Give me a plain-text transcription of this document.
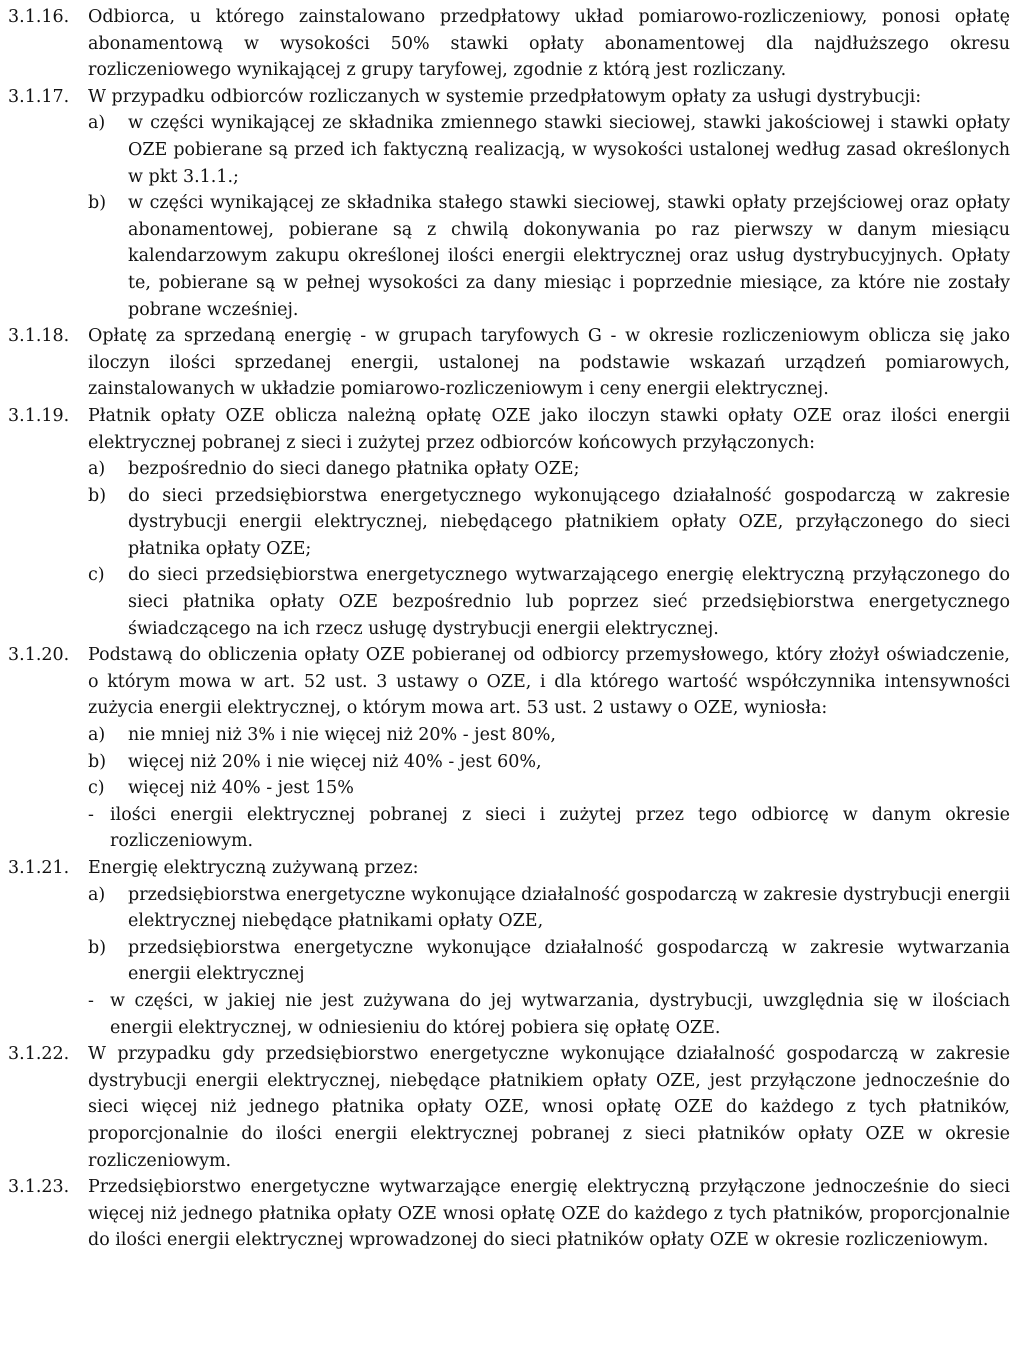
3.1.16.	Odbiorca, u którego zainstalowano przedpłatowy układ pomiarowo-rozliczeniowy, ponosi opłatę abonamentową w wysokości 50% stawki opłaty abonamentowej dla najdłuższego okresu rozliczeniowego wynikającej z grupy taryfowej, zgodnie z którą jest rozliczany.
3.1.17.	W przypadku odbiorców rozliczanych w systemie przedpłatowym opłaty za usługi dystrybucji:
a)	w części wynikającej ze składnika zmiennego stawki sieciowej, stawki jakościowej i stawki opłaty OZE pobierane są przed ich faktyczną realizacją, w wysokości ustalonej według zasad określonych w pkt 3.1.1.;
b)	w części wynikającej ze składnika stałego stawki sieciowej, stawki opłaty przejściowej oraz opłaty abonamentowej, pobierane są z chwilą dokonywania po raz pierwszy w danym miesiącu kalendarzowym zakupu określonej ilości energii elektrycznej oraz usług dystrybucyjnych. Opłaty te, pobierane są w pełnej wysokości za dany miesiąc i poprzednie miesiące, za które nie zostały pobrane wcześniej.
3.1.18.	Opłatę za sprzedaną energię - w grupach taryfowych G - w okresie rozliczeniowym oblicza się jako iloczyn ilości sprzedanej energii, ustalonej na podstawie wskazań urządzeń pomiarowych, zainstalowanych w układzie pomiarowo-rozliczeniowym i ceny energii elektrycznej.
3.1.19.	Płatnik opłaty OZE oblicza należną opłatę OZE jako iloczyn stawki opłaty OZE oraz ilości energii elektrycznej pobranej z sieci i zużytej przez odbiorców końcowych przyłączonych:
a)	bezpośrednio do sieci danego płatnika opłaty OZE;
b)	do sieci przedsiębiorstwa energetycznego wykonującego działalność gospodarczą w zakresie dystrybucji energii elektrycznej, niebędącego płatnikiem opłaty OZE, przyłączonego do sieci płatnika opłaty OZE;
c)	do sieci przedsiębiorstwa energetycznego wytwarzającego energię elektryczną przyłączonego do sieci płatnika opłaty OZE bezpośrednio lub poprzez sieć przedsiębiorstwa energetycznego świadczącego na ich rzecz usługę dystrybucji energii elektrycznej.
3.1.20.	Podstawą do obliczenia opłaty OZE pobieranej od odbiorcy przemysłowego, który złożył oświadczenie, o którym mowa w art. 52 ust. 3 ustawy o OZE, i dla którego wartość współczynnika intensywności zużycia energii elektrycznej, o którym mowa art. 53 ust. 2 ustawy o OZE, wyniosła:
a)	nie mniej niż 3% i nie więcej niż 20% - jest 80%,
b)	więcej niż 20% i nie więcej niż 40% - jest 60%,
c)	więcej niż 40% - jest 15%
- ilości energii elektrycznej pobranej z sieci i zużytej przez tego odbiorcę w danym okresie rozliczeniowym.
3.1.21.	Energię elektryczną zużywaną przez:
a)	przedsiębiorstwa energetyczne wykonujące działalność gospodarczą w zakresie dystrybucji energii elektrycznej niebędące płatnikami opłaty OZE,
b)	przedsiębiorstwa energetyczne wykonujące działalność gospodarczą w zakresie wytwarzania energii elektrycznej
- w części, w jakiej nie jest zużywana do jej wytwarzania, dystrybucji, uwzględnia się w ilościach energii elektrycznej, w odniesieniu do której pobiera się opłatę OZE.
3.1.22.	W przypadku gdy przedsiębiorstwo energetyczne wykonujące działalność gospodarczą w zakresie dystrybucji energii elektrycznej, niebędące płatnikiem opłaty OZE, jest przyłączone jednocześnie do sieci więcej niż jednego płatnika opłaty OZE, wnosi opłatę OZE do każdego z tych płatników, proporcjonalnie do ilości energii elektrycznej pobranej z sieci płatników opłaty OZE w okresie rozliczeniowym.
3.1.23.	Przedsiębiorstwo energetyczne wytwarzające energię elektryczną przyłączone jednocześnie do sieci więcej niż jednego płatnika opłaty OZE wnosi opłatę OZE do każdego z tych płatników, proporcjonalnie do ilości energii elektrycznej wprowadzonej do sieci płatników opłaty OZE w okresie rozliczeniowym.
